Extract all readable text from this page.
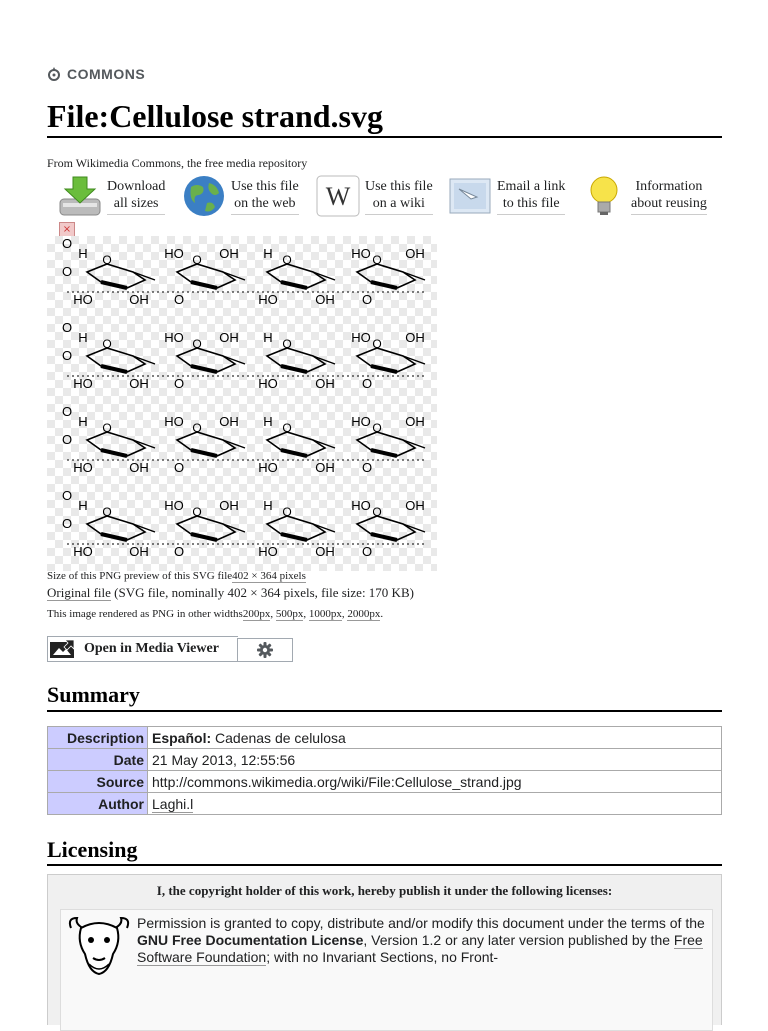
COMMONS
File:Cellulose strand.svg
From Wikimedia Commons, the free media repository
Download
all sizes
Use this file
on the web W Use this file
on a wiki
Email a link
to this file
Information
about reusing
×
O	O	O	O
H	HO	OH H	HO	OH
HO	OH O	HO	OH O
O
O
O	O	O	O
H	HO	OH H	HO	OH
HO	OH O	HO	OH O
O
O
O	O	O	O
H	HO	OH H	HO	OH
HO	OH O	HO	OH O
O
O
O	O	O	O
H	HO	OH H	HO	OH
HO	OH O	HO	OH O
O
O
Size of this PNG preview of this SVG file402 × 364 pixels
Original file (SVG file, nominally 402 × 364 pixels, file size: 170 KB)
This image rendered as PNG in other widths200px, 500px, 1000px, 2000px.
Open in Media Viewer
Summary
Description	Español: Cadenas de celulosa
Date	21 May 2013, 12:55:56
Source	http://commons.wikimedia.org/wiki/File:Cellulose_strand.jpg
Author	Laghi.l
Licensing
I, the copyright holder of this work, hereby publish it under the following licenses:
Permission is granted to copy, distribute and/or modify this document under the terms of the GNU Free Documentation License, Version 1.2 or any later version published by the Free Software Foundation; with no Invariant Sections, no Front-
